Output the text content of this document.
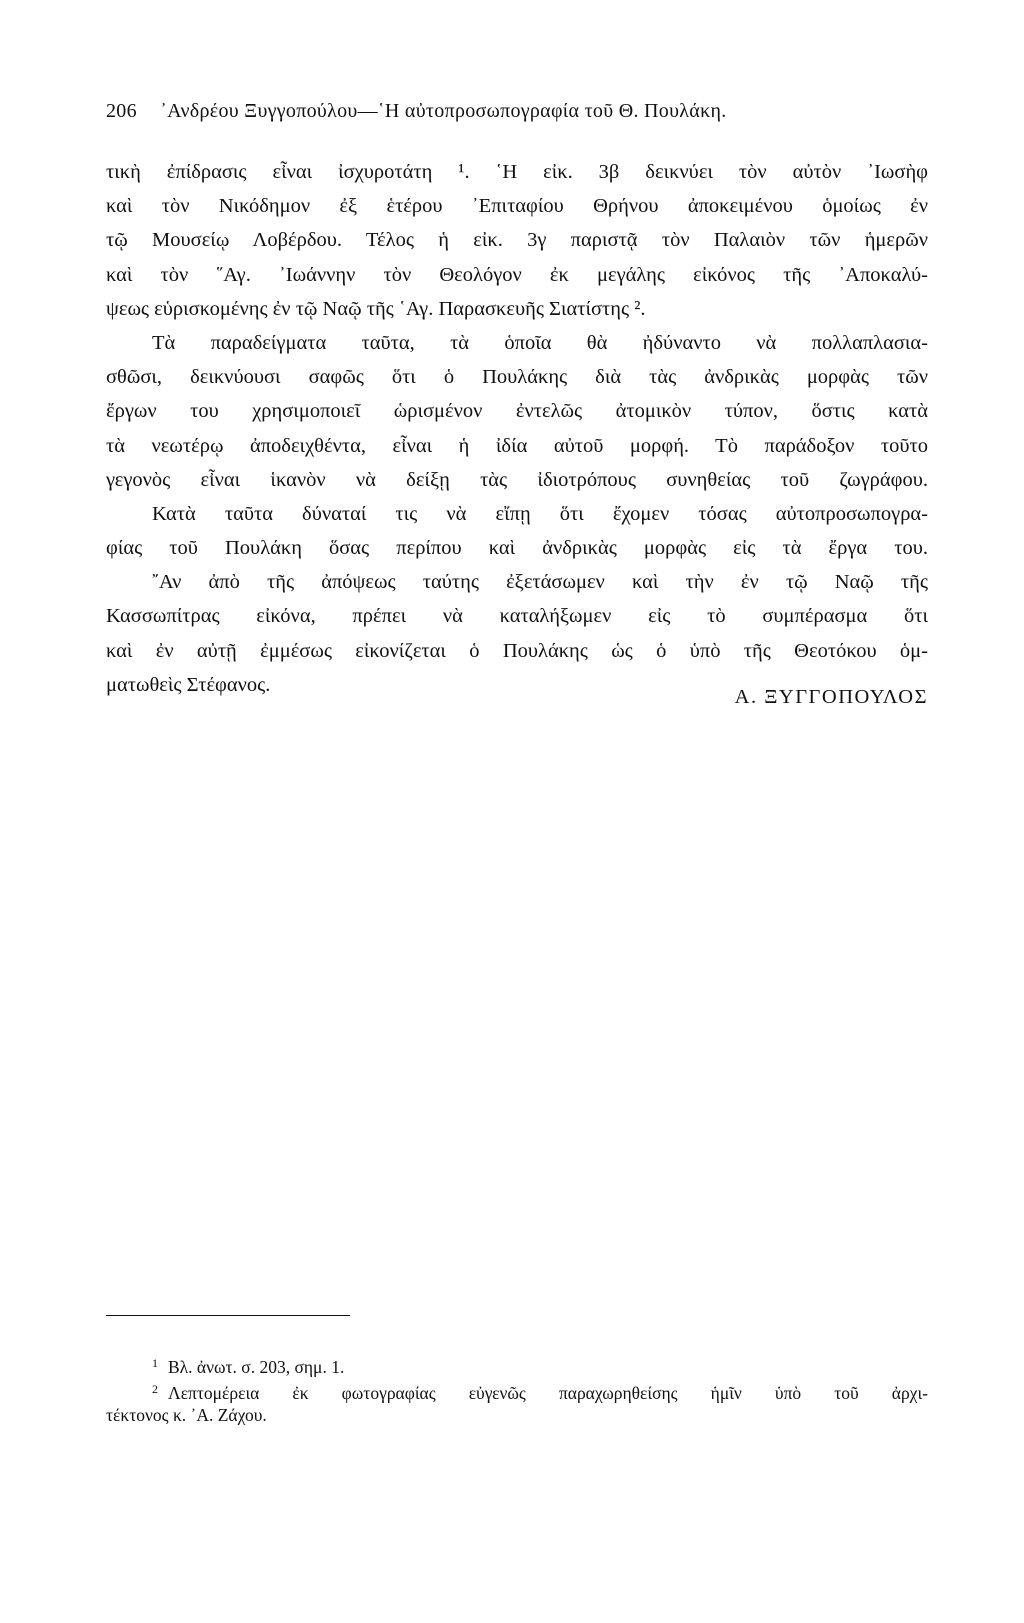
206 ᾿Ανδρέου Ξυγγοπούλου—῾Η αὐτοπροσωπογραφία τοῦ Θ. Πουλάκη.
τικὴ ἐπίδρασις εἶναι ἰσχυροτάτη ¹. ῾Η εἰκ. 3β δεικνύει τὸν αὐτὸν ᾿Ιωσὴφ
καὶ τὸν Νικόδημον ἐξ ἑτέρου ᾿Επιταφίου Θρήνου ἀποκειμένου ὁμοίως ἐν
τῷ Μουσείῳ Λοβέρδου. Τέλος ἡ εἰκ. 3γ παριστᾷ τὸν Παλαιὸν τῶν ἡμερῶν
καὶ τὸν ῞Αγ. ᾿Ιωάννην τὸν Θεολόγον ἐκ μεγάλης εἰκόνος τῆς ᾿Αποκαλύ-
ψεως εὑρισκομένης ἐν τῷ Ναῷ τῆς ῾Αγ. Παρασκευῆς Σιατίστης ².
Τὰ παραδείγματα ταῦτα, τὰ ὁποῖα θὰ ἠδύναντο νὰ πολλαπλασια-
σθῶσι, δεικνύουσι σαφῶς ὅτι ὁ Πουλάκης διὰ τὰς ἀνδρικὰς μορφὰς τῶν
ἔργων του χρησιμοποιεῖ ὡρισμένον ἐντελῶς ἀτομικὸν τύπον, ὅστις κατὰ
τὰ νεωτέρῳ ἀποδειχθέντα, εἶναι ἡ ἰδία αὐτοῦ μορφή. Τὸ παράδοξον τοῦτο
γεγονὸς εἶναι ἱκανὸν νὰ δείξῃ τὰς ἰδιοτρόπους συνηθείας τοῦ ζωγράφου.
Κατὰ ταῦτα δύναταί τις νὰ εἴπῃ ὅτι ἔχομεν τόσας αὐτοπροσωπογρα-
φίας τοῦ Πουλάκη ὅσας περίπου καὶ ἀνδρικὰς μορφὰς εἰς τὰ ἔργα του.
῎Αν ἀπὸ τῆς ἀπόψεως ταύτης ἐξετάσωμεν καὶ τὴν ἐν τῷ Ναῷ τῆς
Κασσωπίτρας εἰκόνα, πρέπει νὰ καταλήξωμεν εἰς τὸ συμπέρασμα ὅτι
καὶ ἐν αὐτῇ ἐμμέσως εἰκονίζεται ὁ Πουλάκης ὡς ὁ ὑπὸ τῆς Θεοτόκου ὁμ-
ματωθεὶς Στέφανος.
Α. ΞΥΓΓΟΠΟΥΛΟΣ
$^1$ Βλ. ἀνωτ. σ. 203, σημ. 1.
$^2$ Λεπτομέρεια ἐκ φωτογραφίας εὐγενῶς παραχωρηθείσης ἡμῖν ὑπὸ τοῦ ἀρχι-
τέκτονος κ. ᾿Α. Ζάχου.
